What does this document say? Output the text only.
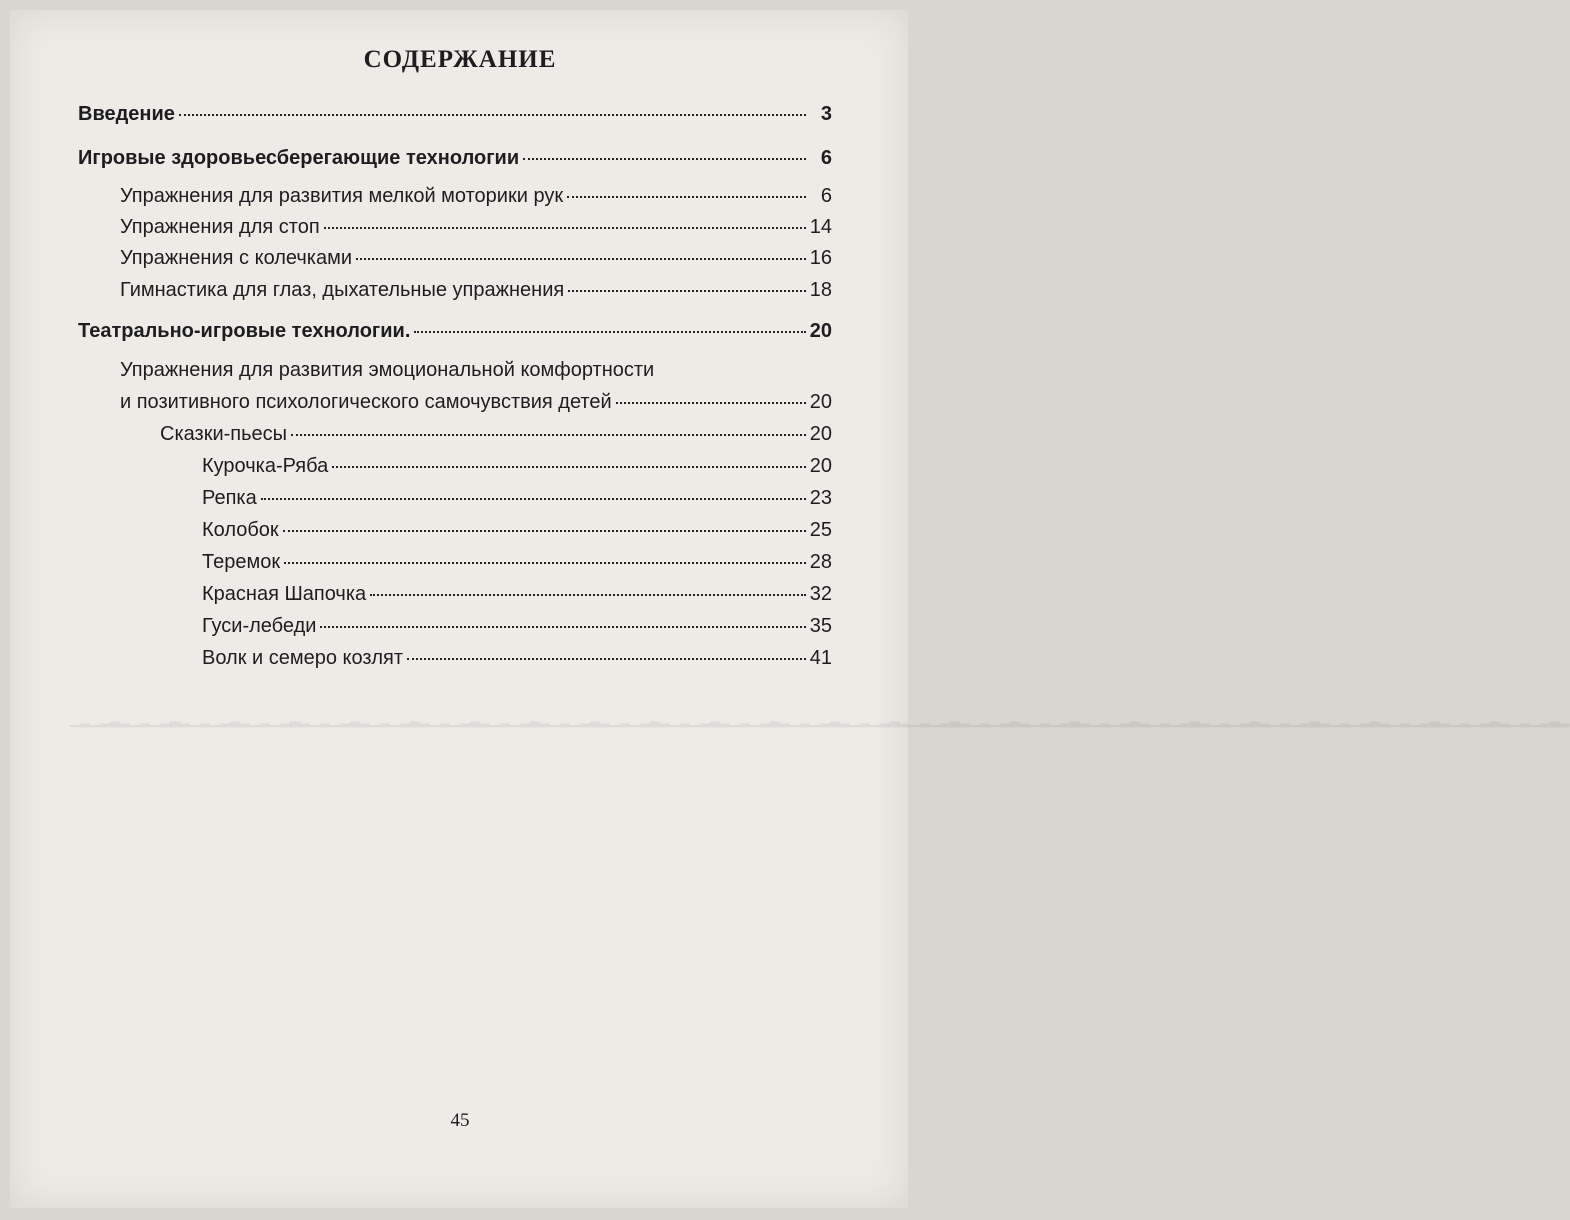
▁▂▁▂▃▂▁▂▁▂▃▂▁▂▁▂▃▂▁▂▁▂▃▂▁▂▁▂▃▂▁▂▁▂▃▂▁▂▁▂▃▂▁▂▁▂▃▂▁▂▁▂▃▂▁▂▁▂▃▂▁▂▁▂▃▂▁▂▁▂▃▂▁▂▁▂▃▂▁▂▁▂▃▂▁▂▁▂▃▂▁▂▁▂▃▂▁▂▁▂▃▂▁▂▁▂▃▂▁▂▁▂▃▂▁▂▁▂▃▂▁▂▁▂▃▂▁▂▁▂▃▂▁▂▁▂▃▂▁▂▁▂▃▂▁▂▁▂▃▂
СОДЕРЖАНИЕ
Введение	3
Игровые здоровьесберегающие технологии	6
Упражнения для развития мелкой моторики рук	6
Упражнения для стоп	14
Упражнения с колечками	16
Гимнастика для глаз, дыхательные упражнения	18
Театрально-игровые технологии.	20
Упражнения для развития эмоциональной комфортности
и позитивного психологического самочувствия детей	20
Сказки-пьесы	20
Курочка-Ряба	20
Репка	23
Колобок	25
Теремок	28
Красная Шапочка	32
Гуси-лебеди	35
Волк и семеро козлят	41
45
